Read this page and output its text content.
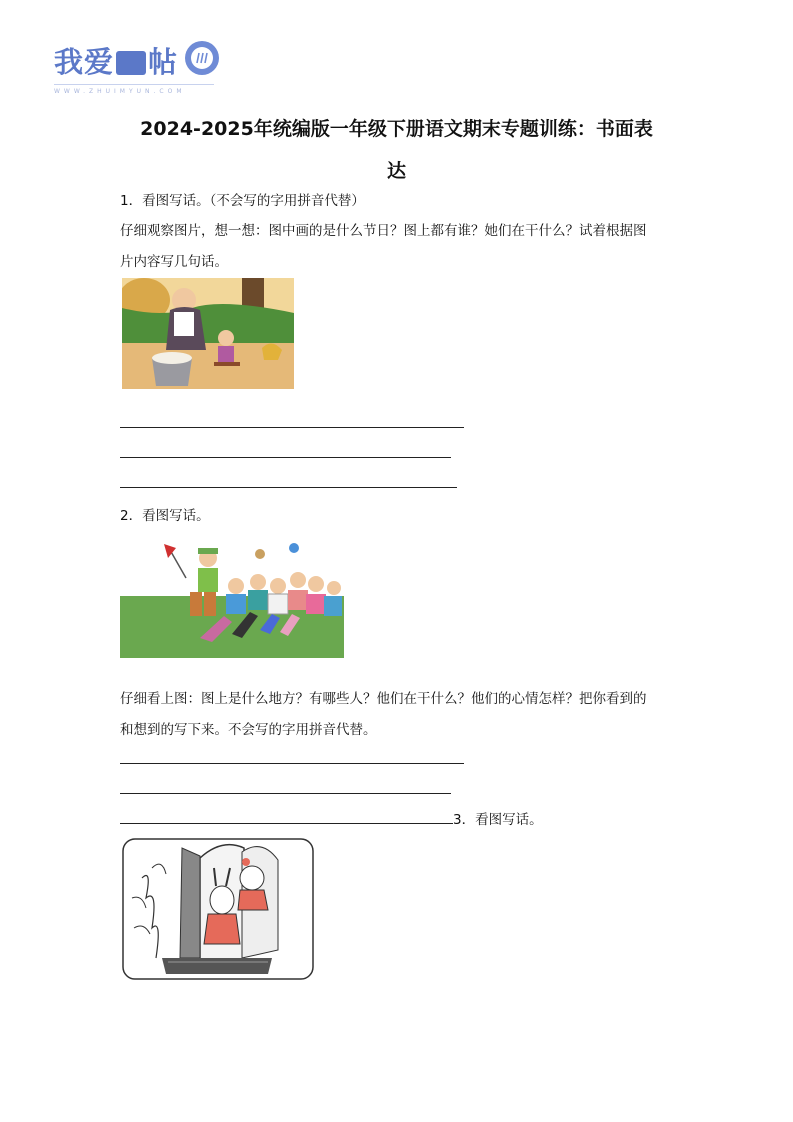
我爱 帖
WWW.ZHUIMYUN.COM
2024-2025年统编版一年级下册语文期末专题训练：书面表
达
1．看图写话。（不会写的字用拼音代替）
仔细观察图片，想一想：图中画的是什么节日？图上都有谁？她们在干什么？试着根据图
片内容写几句话。
2．看图写话。
仔细看上图：图上是什么地方？有哪些人？他们在干什么？他们的心情怎样？把你看到的
和想到的写下来。不会写的字用拼音代替。
3．看图写话。
